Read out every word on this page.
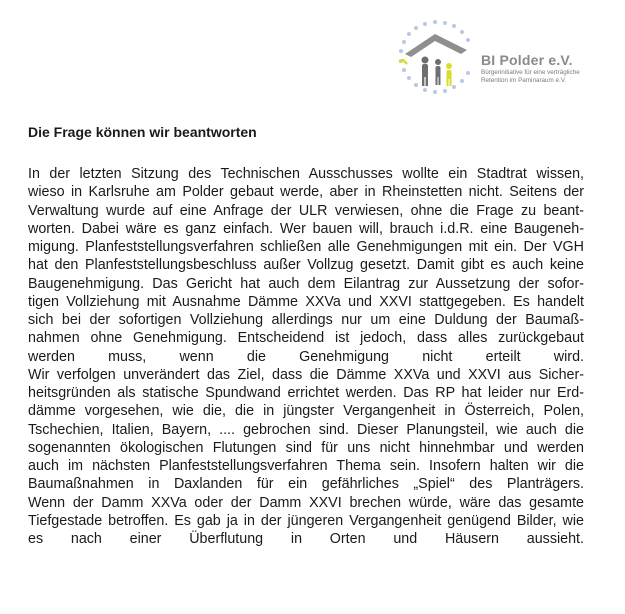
BI Polder e.V.
Bürgerinitiative für eine verträgliche
Retention im Paminaraum e.V.
Die Frage können wir beantworten

In der letzten Sitzung des Technischen Ausschusses wollte ein Stadtrat wissen,
wieso in Karlsruhe am Polder gebaut werde, aber in Rheinstetten nicht. Seitens der
Verwaltung wurde auf eine Anfrage der ULR verwiesen, ohne die Frage zu beant-
worten. Dabei wäre es ganz einfach. Wer bauen will, brauch i.d.R. eine Baugeneh-
migung. Planfeststellungsverfahren schließen alle Genehmigungen mit ein. Der VGH
hat den Planfeststellungsbeschluss außer Vollzug gesetzt. Damit gibt es auch keine
Baugenehmigung. Das Gericht hat auch dem Eilantrag zur Aussetzung der sofor-
tigen Vollziehung mit Ausnahme Dämme XXVa und XXVI stattgegeben. Es handelt
sich bei der sofortigen Vollziehung allerdings nur um eine Duldung der Baumaß-
nahmen ohne Genehmigung. Entscheidend ist jedoch, dass alles zurückgebaut
werden muss, wenn die Genehmigung nicht erteilt wird.

Wir verfolgen unverändert das Ziel, dass die Dämme XXVa und XXVI aus Sicher-
heitsgründen als statische Spundwand errichtet werden. Das RP hat leider nur Erd-
dämme vorgesehen, wie die, die in jüngster Vergangenheit in Österreich, Polen,
Tschechien, Italien, Bayern, .... gebrochen sind. Dieser Planungsteil, wie auch die
sogenannten ökologischen Flutungen sind für uns nicht hinnehmbar und werden
auch im nächsten Planfeststellungsverfahren Thema sein. Insofern halten wir die
Baumaßnahmen in Daxlanden für ein gefährliches „Spiel“ des Planträgers.

Wenn der Damm XXVa oder der Damm XXVI brechen würde, wäre das gesamte
Tiefgestade betroffen. Es gab ja in der jüngeren Vergangenheit genügend Bilder, wie
es nach einer Überflutung in Orten und Häusern aussieht.
